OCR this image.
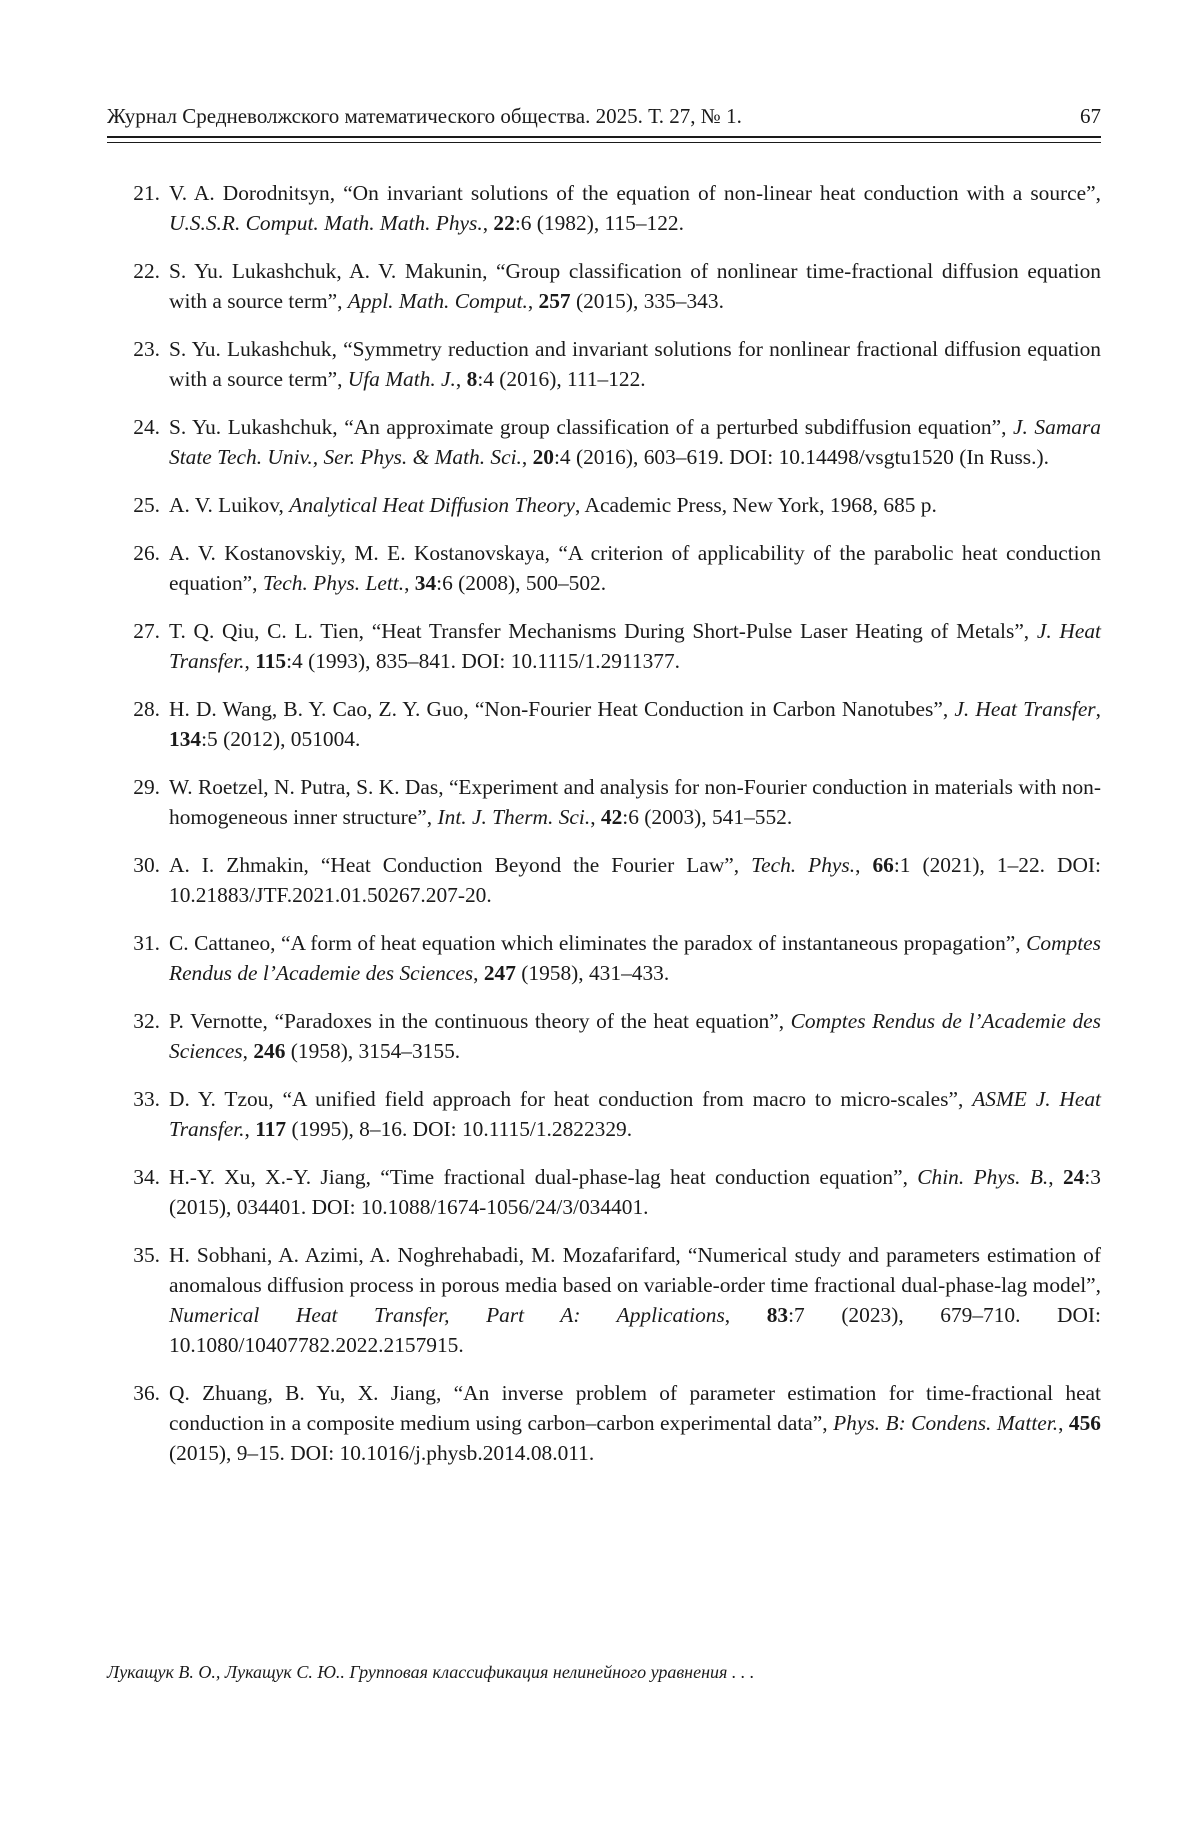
Журнал Средневолжского математического общества. 2025. Т. 27, № 1.	67
21. V. A. Dorodnitsyn, “On invariant solutions of the equation of non-linear heat conduction with a source”, U.S.S.R. Comput. Math. Math. Phys., 22:6 (1982), 115–122.
22. S. Yu. Lukashchuk, A. V. Makunin, “Group classification of nonlinear time-fractional diffusion equation with a source term”, Appl. Math. Comput., 257 (2015), 335–343.
23. S. Yu. Lukashchuk, “Symmetry reduction and invariant solutions for nonlinear fractional diffusion equation with a source term”, Ufa Math. J., 8:4 (2016), 111–122.
24. S. Yu. Lukashchuk, “An approximate group classification of a perturbed subdiffusion equation”, J. Samara State Tech. Univ., Ser. Phys. & Math. Sci., 20:4 (2016), 603–619. DOI: 10.14498/vsgtu1520 (In Russ.).
25. A. V. Luikov, Analytical Heat Diffusion Theory, Academic Press, New York, 1968, 685 p.
26. A. V. Kostanovskiy, M. E. Kostanovskaya, “A criterion of applicability of the parabolic heat conduction equation”, Tech. Phys. Lett., 34:6 (2008), 500–502.
27. T. Q. Qiu, C. L. Tien, “Heat Transfer Mechanisms During Short-Pulse Laser Heating of Metals”, J. Heat Transfer., 115:4 (1993), 835–841. DOI: 10.1115/1.2911377.
28. H. D. Wang, B. Y. Cao, Z. Y. Guo, “Non-Fourier Heat Conduction in Carbon Nanotubes”, J. Heat Transfer, 134:5 (2012), 051004.
29. W. Roetzel, N. Putra, S. K. Das, “Experiment and analysis for non-Fourier conduction in materials with non-homogeneous inner structure”, Int. J. Therm. Sci., 42:6 (2003), 541–552.
30. A. I. Zhmakin, “Heat Conduction Beyond the Fourier Law”, Tech. Phys., 66:1 (2021), 1–22. DOI: 10.21883/JTF.2021.01.50267.207-20.
31. C. Cattaneo, “A form of heat equation which eliminates the paradox of instantaneous propagation”, Comptes Rendus de l’Academie des Sciences, 247 (1958), 431–433.
32. P. Vernotte, “Paradoxes in the continuous theory of the heat equation”, Comptes Rendus de l’Academie des Sciences, 246 (1958), 3154–3155.
33. D. Y. Tzou, “A unified field approach for heat conduction from macro to micro-scales”, ASME J. Heat Transfer., 117 (1995), 8–16. DOI: 10.1115/1.2822329.
34. H.-Y. Xu, X.-Y. Jiang, “Time fractional dual-phase-lag heat conduction equation”, Chin. Phys. B., 24:3 (2015), 034401. DOI: 10.1088/1674-1056/24/3/034401.
35. H. Sobhani, A. Azimi, A. Noghrehabadi, M. Mozafarifard, “Numerical study and parameters estimation of anomalous diffusion process in porous media based on variable-order time fractional dual-phase-lag model”, Numerical Heat Transfer, Part A: Applications, 83:7 (2023), 679–710. DOI: 10.1080/10407782.2022.2157915.
36. Q. Zhuang, B. Yu, X. Jiang, “An inverse problem of parameter estimation for time-fractional heat conduction in a composite medium using carbon–carbon experimental data”, Phys. B: Condens. Matter., 456 (2015), 9–15. DOI: 10.1016/j.physb.2014.08.011.
Лукащук В. О., Лукащук С. Ю.. Групповая классификация нелинейного уравнения . . .
